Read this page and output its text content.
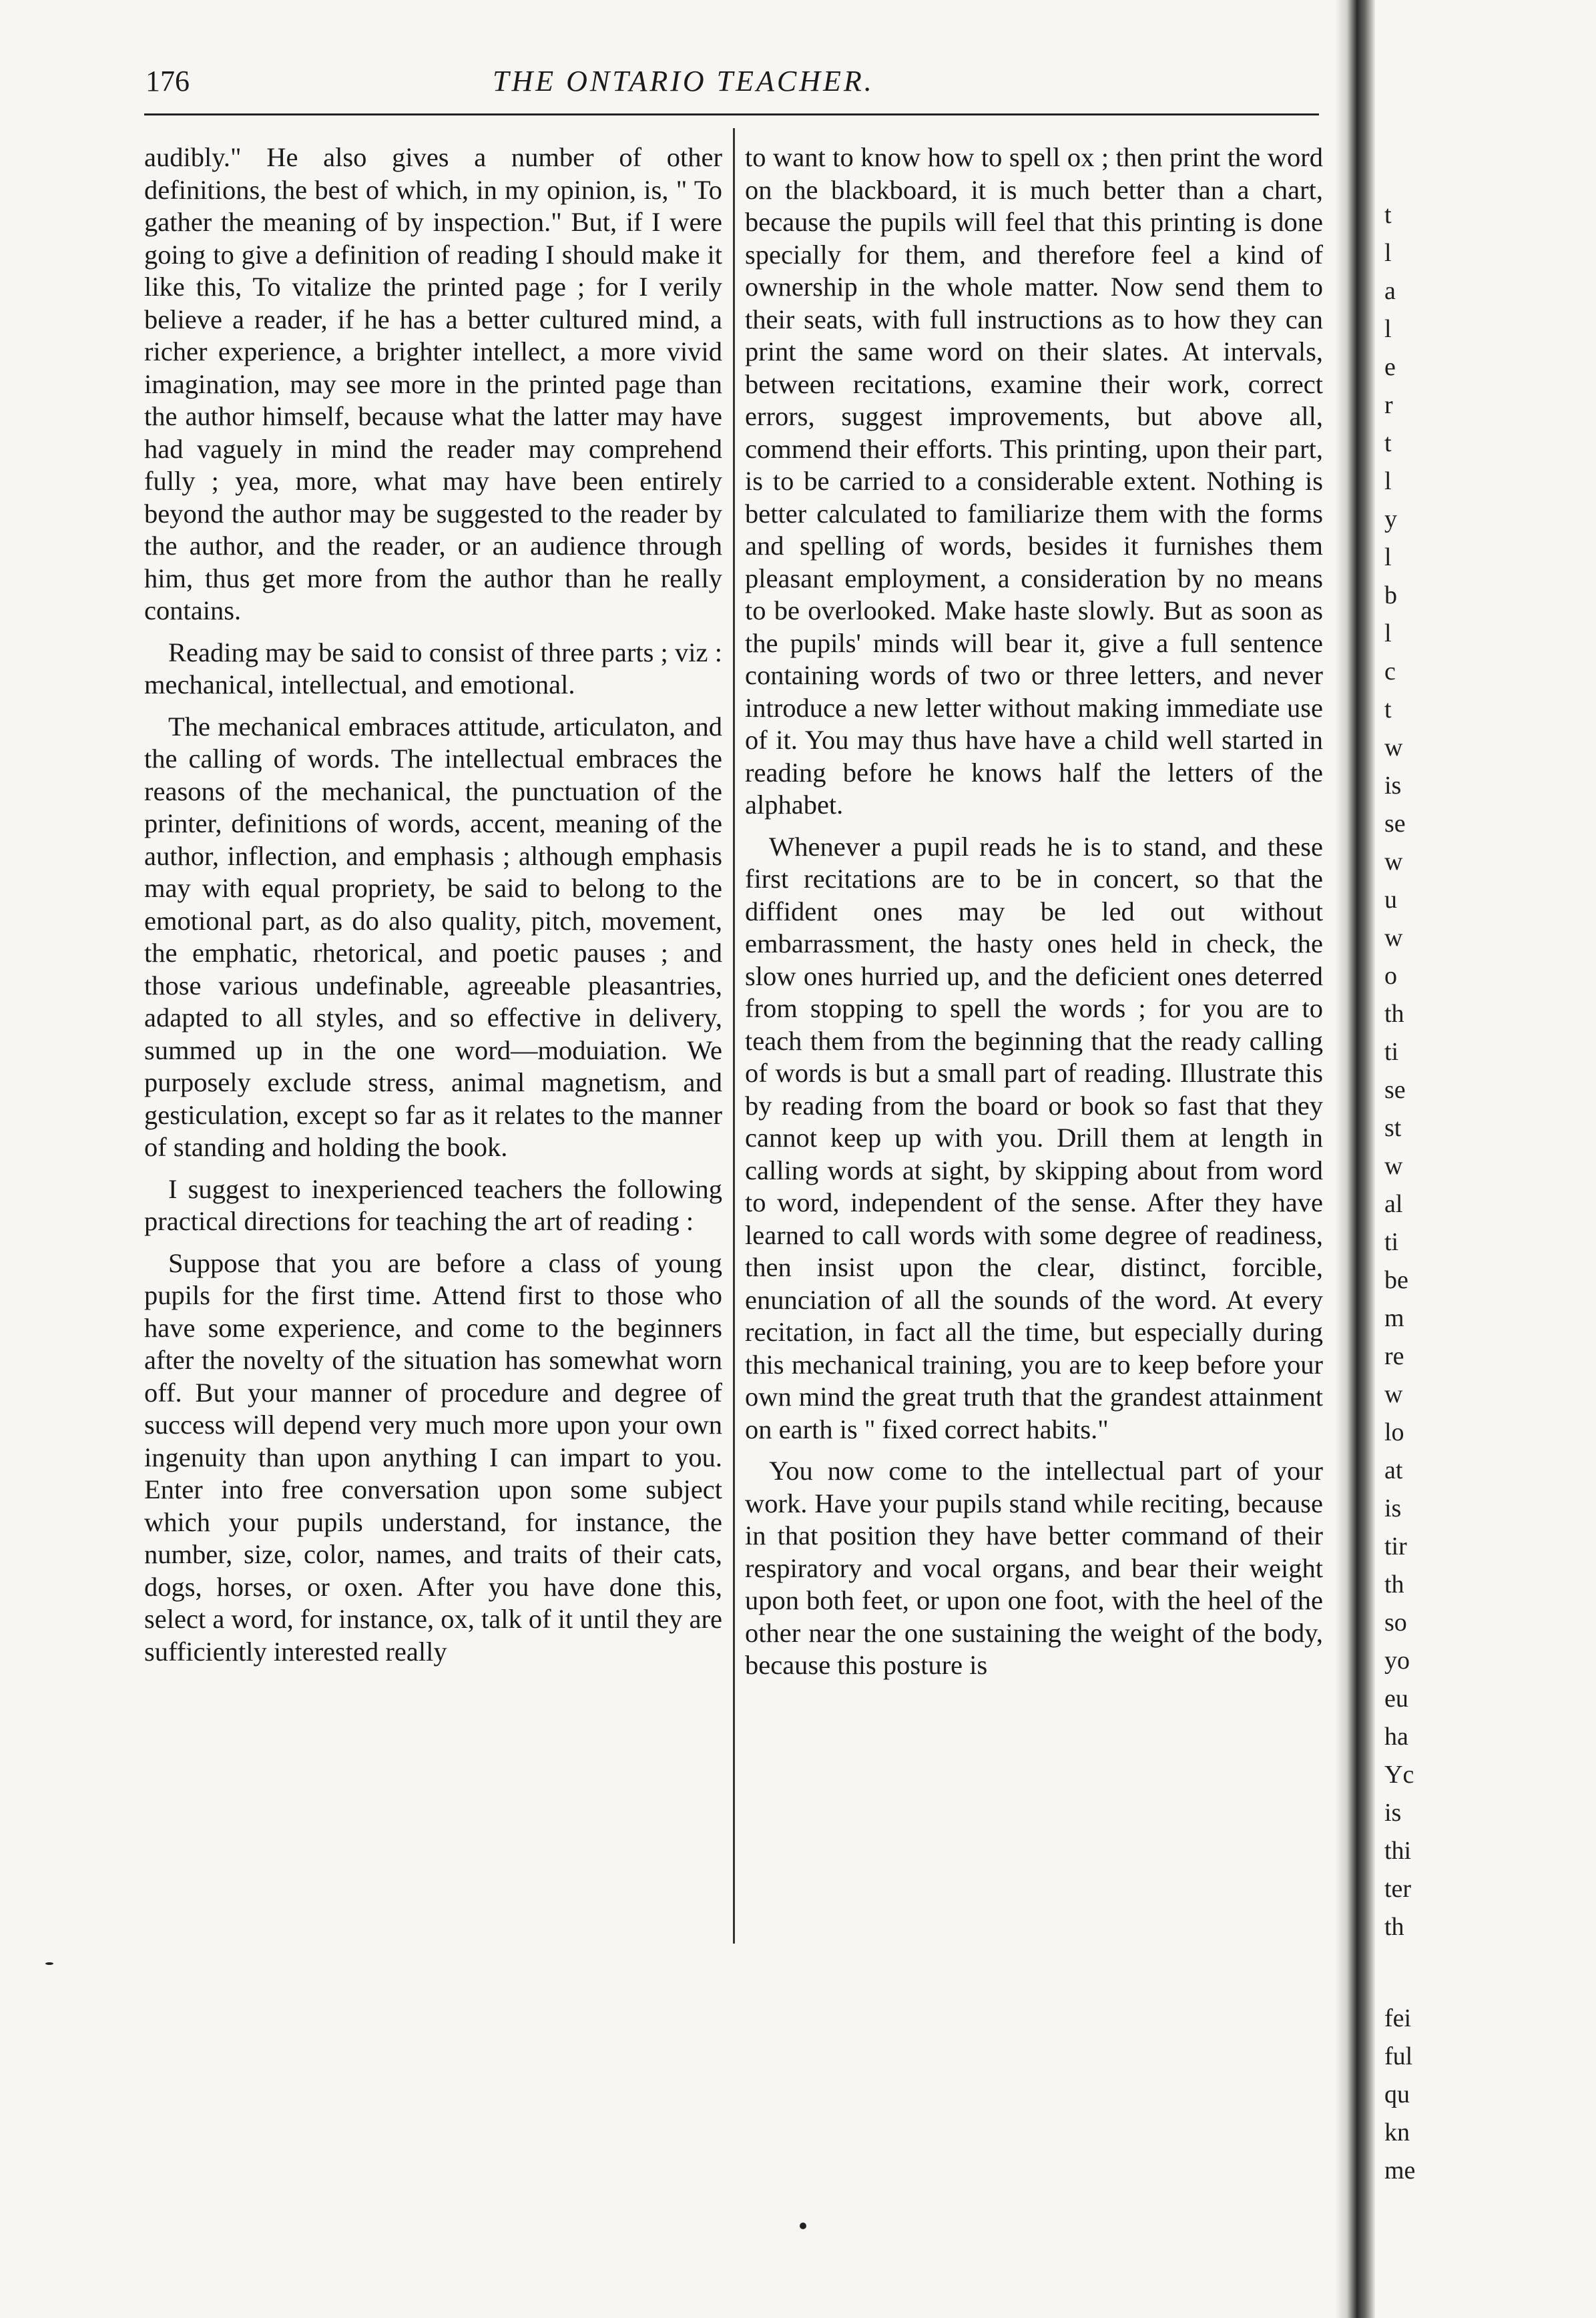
176	THE ONTARIO TEACHER.

audibly." He also gives a number of other definitions, the best of which, in my opinion, is, " To gather the meaning of by inspection." But, if I were going to give a definition of reading I should make it like this, To vitalize the printed page ; for I verily believe a reader, if he has a better cultured mind, a richer experience, a brighter intellect, a more vivid imagination, may see more in the printed page than the author himself, because what the latter may have had vaguely in mind the reader may comprehend fully ; yea, more, what may have been entirely beyond the author may be suggested to the reader by the author, and the reader, or an audience through him, thus get more from the author than he really contains.

Reading may be said to consist of three parts ; viz : mechanical, intellectual, and emotional.

The mechanical embraces attitude, articulaton, and the calling of words. The intellectual embraces the reasons of the mechanical, the punctuation of the printer, definitions of words, accent, meaning of the author, inflection, and emphasis ; although emphasis may with equal propriety, be said to belong to the emotional part, as do also quality, pitch, movement, the emphatic, rhetorical, and poetic pauses ; and those various undefinable, agreeable pleasantries, adapted to all styles, and so effective in delivery, summed up in the one word—moduiation. We purposely exclude stress, animal magnetism, and gesticulation, except so far as it relates to the manner of standing and holding the book.

I suggest to inexperienced teachers the following practical directions for teaching the art of reading :

Suppose that you are before a class of young pupils for the first time. Attend first to those who have some experience, and come to the beginners after the novelty of the situation has somewhat worn off. But your manner of procedure and degree of success will depend very much more upon your own ingenuity than upon anything I can impart to you. Enter into free conversation upon some subject which your pupils understand, for instance, the number, size, color, names, and traits of their cats, dogs, horses, or oxen. After you have done this, select a word, for instance, ox, talk of it until they are sufficiently interested really

to want to know how to spell ox ; then print the word on the blackboard, it is much better than a chart, because the pupils will feel that this printing is done specially for them, and therefore feel a kind of ownership in the whole matter. Now send them to their seats, with full instructions as to how they can print the same word on their slates. At intervals, between recitations, examine their work, correct errors, suggest improvements, but above all, commend their efforts. This printing, upon their part, is to be carried to a considerable extent. Nothing is better calculated to familiarize them with the forms and spelling of words, besides it furnishes them pleasant employment, a consideration by no means to be overlooked. Make haste slowly. But as soon as the pupils' minds will bear it, give a full sentence containing words of two or three letters, and never introduce a new letter without making immediate use of it. You may thus have have a child well started in reading before he knows half the letters of the alphabet.

Whenever a pupil reads he is to stand, and these first recitations are to be in concert, so that the diffident ones may be led out without embarrassment, the hasty ones held in check, the slow ones hurried up, and the deficient ones deterred from stopping to spell the words ; for you are to teach them from the beginning that the ready calling of words is but a small part of reading. Illustrate this by reading from the board or book so fast that they cannot keep up with you. Drill them at length in calling words at sight, by skipping about from word to word, independent of the sense. After they have learned to call words with some degree of readiness, then insist upon the clear, distinct, forcible, enunciation of all the sounds of the word. At every recitation, in fact all the time, but especially during this mechanical training, you are to keep before your own mind the great truth that the grandest attainment on earth is " fixed correct habits."

You now come to the intellectual part of your work. Have your pupils stand while reciting, because in that position they have better command of their respiratory and vocal organs, and bear their weight upon both feet, or upon one foot, with the heel of the other near the one sustaining the weight of the body, because this posture is

t
l
a
l
e
r
t
l
y
l
b
l
c
t
w
is
se
w
u
w
o
th
ti
se
st
w
al
ti
be
m
re
w
lo
at
is
tir
th
so
yo
eu
ha
Yc
is
thi
ter
th
fei
ful
qu
kn
me
